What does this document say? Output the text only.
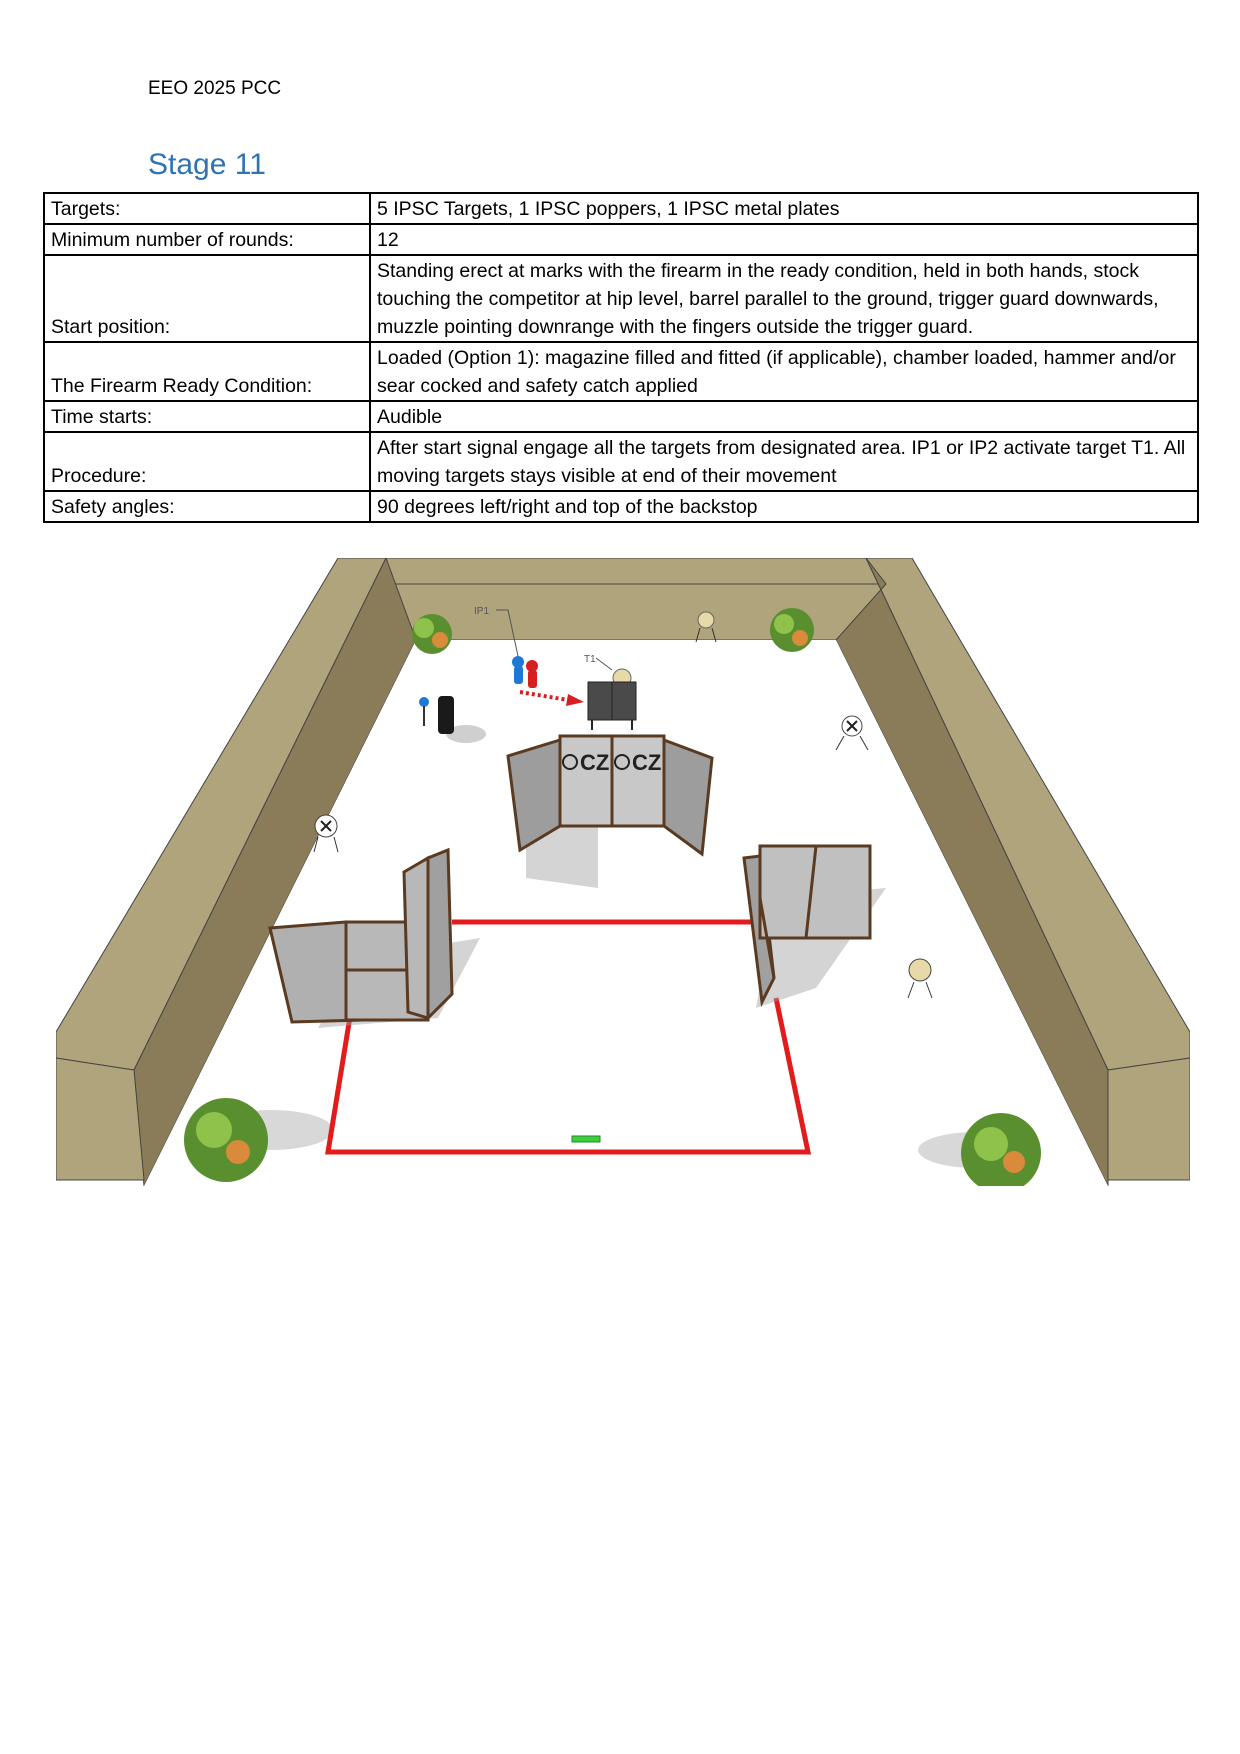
EEO 2025 PCC
Stage 11
Targets:	5 IPSC Targets, 1 IPSC poppers, 1 IPSC metal plates
Minimum number of rounds:	12
Start position:	Standing erect at marks with the firearm in the ready condition, held in both hands, stock touching the competitor at hip level, barrel parallel to the ground, trigger guard downwards, muzzle pointing downrange with the fingers outside the trigger guard.
The Firearm Ready Condition:	Loaded (Option 1): magazine filled and fitted (if applicable), chamber loaded, hammer and/or sear cocked and safety catch applied
Time starts:	Audible
Procedure:	After start signal engage all the targets from designated area. IP1 or IP2 activate target T1. All moving targets stays visible at end of their movement
Safety angles:	90 degrees left/right and top of the backstop
IP1
T1
CZ CZ
